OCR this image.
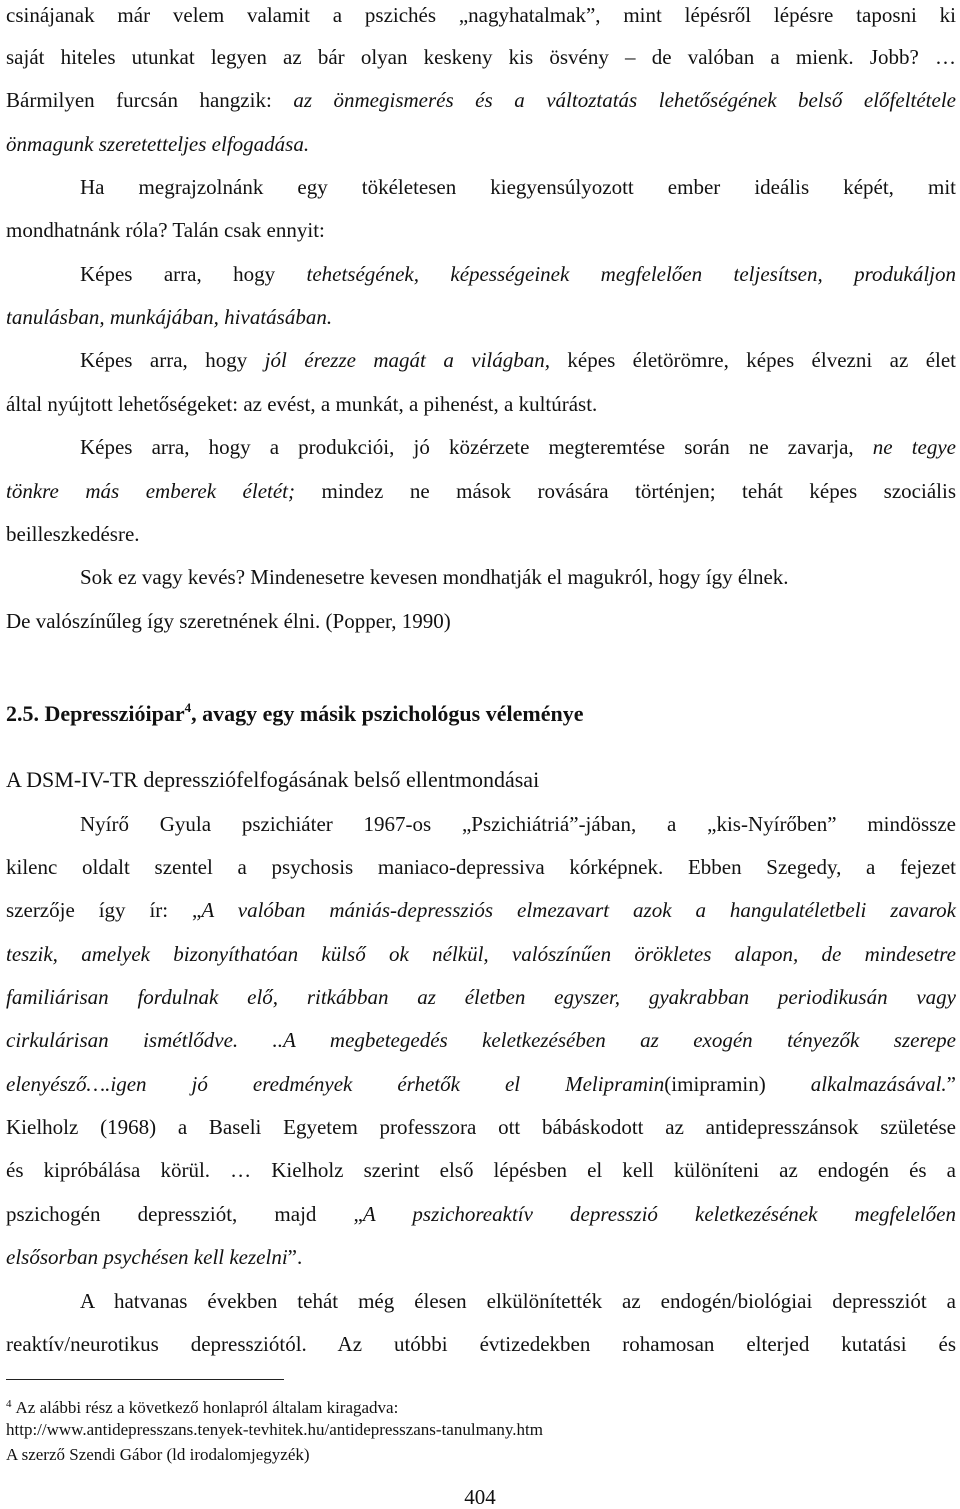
csinájanak már velem valamit a pszichés „nagyhatalmak”, mint lépésről lépésre taposni ki
saját hiteles utunkat legyen az bár olyan keskeny kis ösvény – de valóban a mienk. Jobb? …
Bármilyen furcsán hangzik: az önmegismerés és a változtatás lehetőségének belső előfeltétele
önmagunk szeretetteljes elfogadása.
Ha megrajzolnánk egy tökéletesen kiegyensúlyozott ember ideális képét, mit
mondhatnánk róla? Talán csak ennyit:
Képes arra, hogy tehetségének, képességeinek megfelelően teljesítsen, produkáljon
tanulásban, munkájában, hivatásában.
Képes arra, hogy jól érezze magát a világban, képes életörömre, képes élvezni az élet
által nyújtott lehetőségeket: az evést, a munkát, a pihenést, a kultúrást.
Képes arra, hogy a produkciói, jó közérzete megteremtése során ne zavarja, ne tegye
tönkre más emberek életét; mindez ne mások rovására történjen; tehát képes szociális
beilleszkedésre.
Sok ez vagy kevés? Mindenesetre kevesen mondhatják el magukról, hogy így élnek.
De valószínűleg így szeretnének élni. (Popper, 1990)
2.5. Depresszióipar$^4$, avagy egy másik pszichológus véleménye
A DSM-IV-TR depressziófelfogásának belső ellentmondásai
Nyírő Gyula pszichiáter 1967-os „Pszichiátriá”-jában, a „kis-Nyírőben” mindössze
kilenc oldalt szentel a psychosis maniaco-depressiva kórképnek. Ebben Szegedy, a fejezet
szerzője így ír: „A valóban mániás-depressziós elmezavart azok a hangulatéletbeli zavarok
teszik, amelyek bizonyíthatóan külső ok nélkül, valószínűen örökletes alapon, de mindesetre
familiárisan fordulnak elő, ritkábban az életben egyszer, gyakrabban periodikusán vagy
cirkulárisan ismétlődve. ..A megbetegedés keletkezésében az exogén tényezők szerepe
elenyésző….igen jó eredmények érhetők el Melipramin(imipramin) alkalmazásával.”
Kielholz (1968) a Baseli Egyetem professzora ott bábáskodott az antidepresszánsok születése
és kipróbálása körül. … Kielholz szerint első lépésben el kell különíteni az endogén és a
pszichogén depressziót, majd „A pszichoreaktív depresszió keletkezésének megfelelően
elsősorban psychésen kell kezelni”.
A hatvanas években tehát még élesen elkülönítették az endogén/biológiai depressziót a
reaktív/neurotikus depressziótól. Az utóbbi évtizedekben rohamosan elterjed kutatási és
$^4$ Az alábbi rész a következő honlapról általam kiragadva:
http://www.antidepresszans.tenyek-tevhitek.hu/antidepresszans-tanulmany.htm
A szerző Szendi Gábor (ld irodalomjegyzék)
404
